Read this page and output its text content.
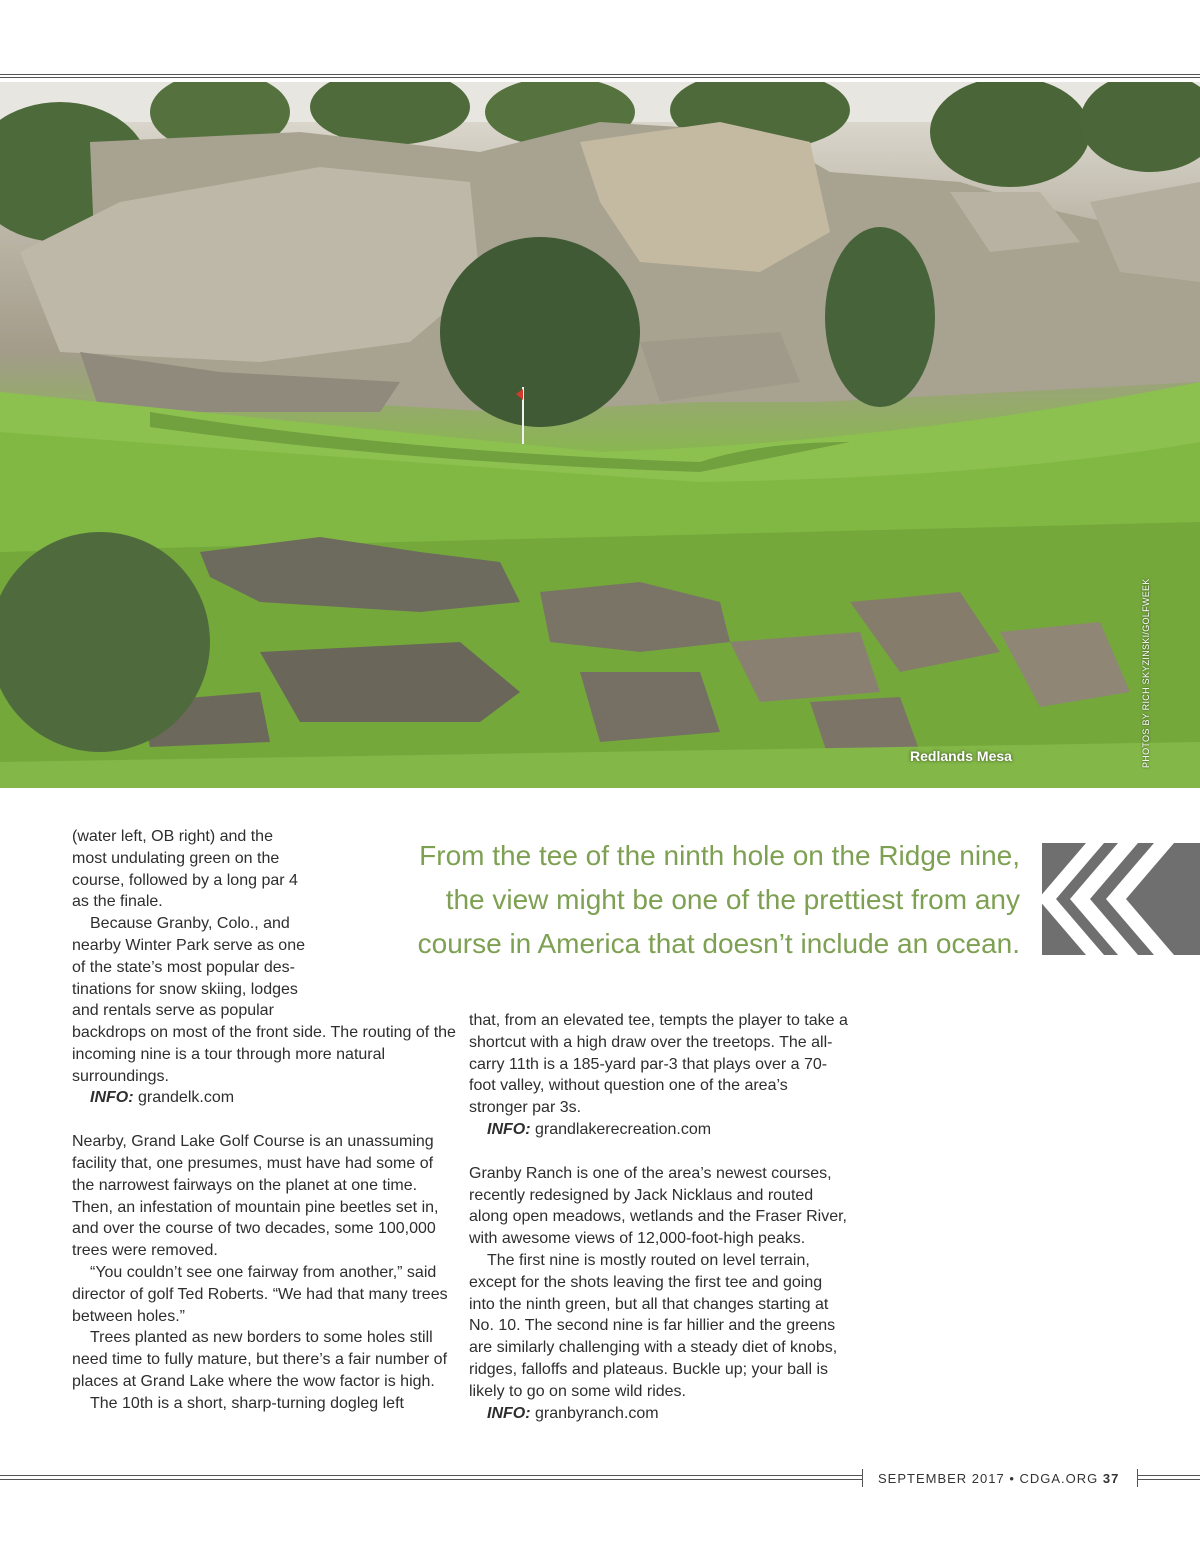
Redlands Mesa	PHOTOS BY RICH SKYZINSKI/GOLFWEEK

(water left, OB right) and the

most undulating green on the

course, followed by a long par 4

as the finale.

Because Granby, Colo., and

nearby Winter Park serve as one

of the state’s most popular des-

tinations for snow skiing, lodges

and rentals serve as popular

backdrops on most of the front side. The routing of the incoming nine is a tour through more natural surroundings.

INFO: grandelk.com

Nearby, Grand Lake Golf Course is an unassuming facility that, one presumes, must have had some of the narrowest fairways on the planet at one time. Then, an infestation of mountain pine beetles set in, and over the course of two decades, some 100,000 trees were removed.

“You couldn’t see one fairway from another,” said director of golf Ted Roberts. “We had that many trees between holes.”

Trees planted as new borders to some holes still need time to fully mature, but there’s a fair number of places at Grand Lake where the wow factor is high.

The 10th is a short, sharp-turning dogleg left

From the tee of the ninth hole on the Ridge nine,
the view might be one of the prettiest from any
course in America that doesn’t include an ocean.

that, from an elevated tee, tempts the player to take a shortcut with a high draw over the treetops. The all-carry 11th is a 185-yard par-3 that plays over a 70-foot valley, without question one of the area’s stronger par 3s.

INFO: grandlakerecreation.com

Granby Ranch is one of the area’s newest courses, recently redesigned by Jack Nicklaus and routed along open meadows, wetlands and the Fraser River, with awesome views of 12,000-foot-high peaks.

The first nine is mostly routed on level terrain, except for the shots leaving the first tee and going into the ninth green, but all that changes starting at No. 10. The second nine is far hillier and the greens are similarly challenging with a steady diet of knobs, ridges, falloffs and plateaus. Buckle up; your ball is likely to go on some wild rides.

INFO: granbyranch.com

SEPTEMBER 2017 • CDGA.ORG 37
